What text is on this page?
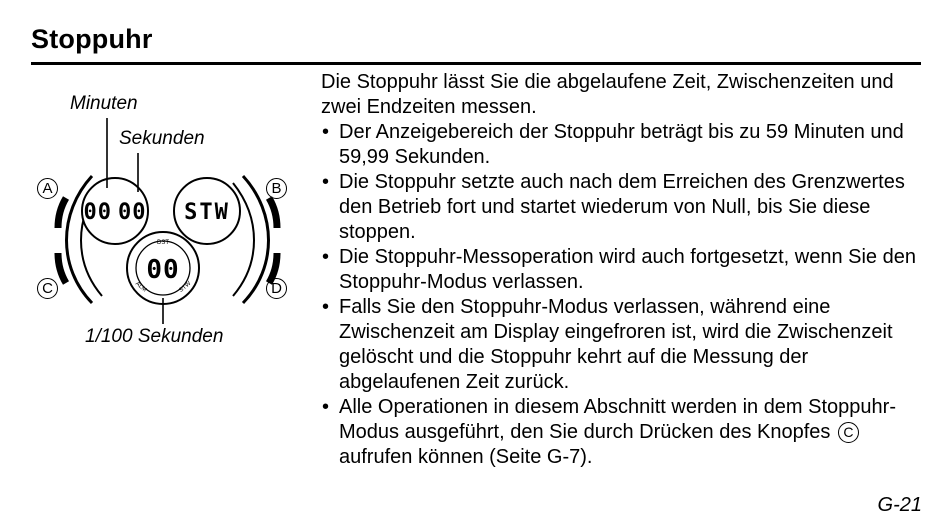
Stoppuhr
00 00 STW
00
DST
ALM	STW
Minuten
Sekunden
1/100 Sekunden
A	B
C	D

Die Stoppuhr lässt Sie die abgelaufene Zeit, Zwischenzeiten und zwei Endzeiten messen.

• Der Anzeigebereich der Stoppuhr beträgt bis zu 59 Minuten und 59,99 Sekunden.
• Die Stoppuhr setzte auch nach dem Erreichen des Grenzwertes den Betrieb fort und startet wiederum von Null, bis Sie diese stoppen.
• Die Stoppuhr-Messoperation wird auch fortgesetzt, wenn Sie den Stoppuhr-Modus verlassen.
• Falls Sie den Stoppuhr-Modus verlassen, während eine Zwischenzeit am Display eingefroren ist, wird die Zwischenzeit gelöscht und die Stoppuhr kehrt auf die Messung der abgelaufenen Zeit zurück.
• Alle Operationen in diesem Abschnitt werden in dem Stoppuhr-Modus ausgeführt, den Sie durch Drücken des Knopfes C aufrufen können (Seite G-7).
G-21
